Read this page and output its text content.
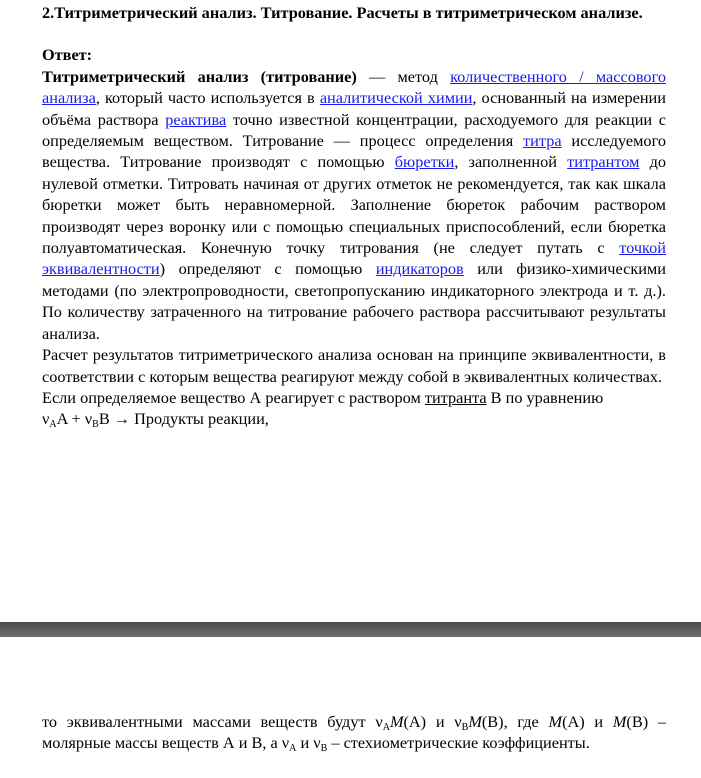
2.Титриметрический анализ. Титрование. Расчеты в титриметрическом анализе.

Ответ:

Титриметрический анализ (титрование) — метод количественного / массового анализа, который часто используется в аналитической химии, основанный на измерении объёма раствора реактива точно известной концентрации, расходуемого для реакции с определяемым веществом. Титрование — процесс определения титра исследуемого вещества. Титрование производят с помощью бюретки, заполненной титрантом до нулевой отметки. Титровать начиная от других отметок не рекомендуется, так как шкала бюретки может быть неравномерной. Заполнение бюреток рабочим раствором производят через воронку или с помощью специальных приспособлений, если бюретка полуавтоматическая. Конечную точку титрования (не следует путать с точкой эквивалентности) определяют с помощью индикаторов или физико-химическими методами (по электропроводности, светопропусканию индикаторного электрода и т. д.). По количеству затраченного на титрование рабочего раствора рассчитывают результаты анализа.

Расчет результатов титриметрического анализа основан на принципе эквивалентности, в соответствии с которым вещества реагируют между собой в эквивалентных количествах.

Если определяемое вещество А реагирует с раствором титранта B по уравнению

$\nu_AA + \nu_BB$ → Продукты реакции,

то эквивалентными массами веществ будут $\nu_AM(A)$ и $\nu_BM(B)$, где M(A) и M(B) – молярные массы веществ А и B, а $\nu_A$ и $\nu_B$ – стехиометрические коэффициенты.
